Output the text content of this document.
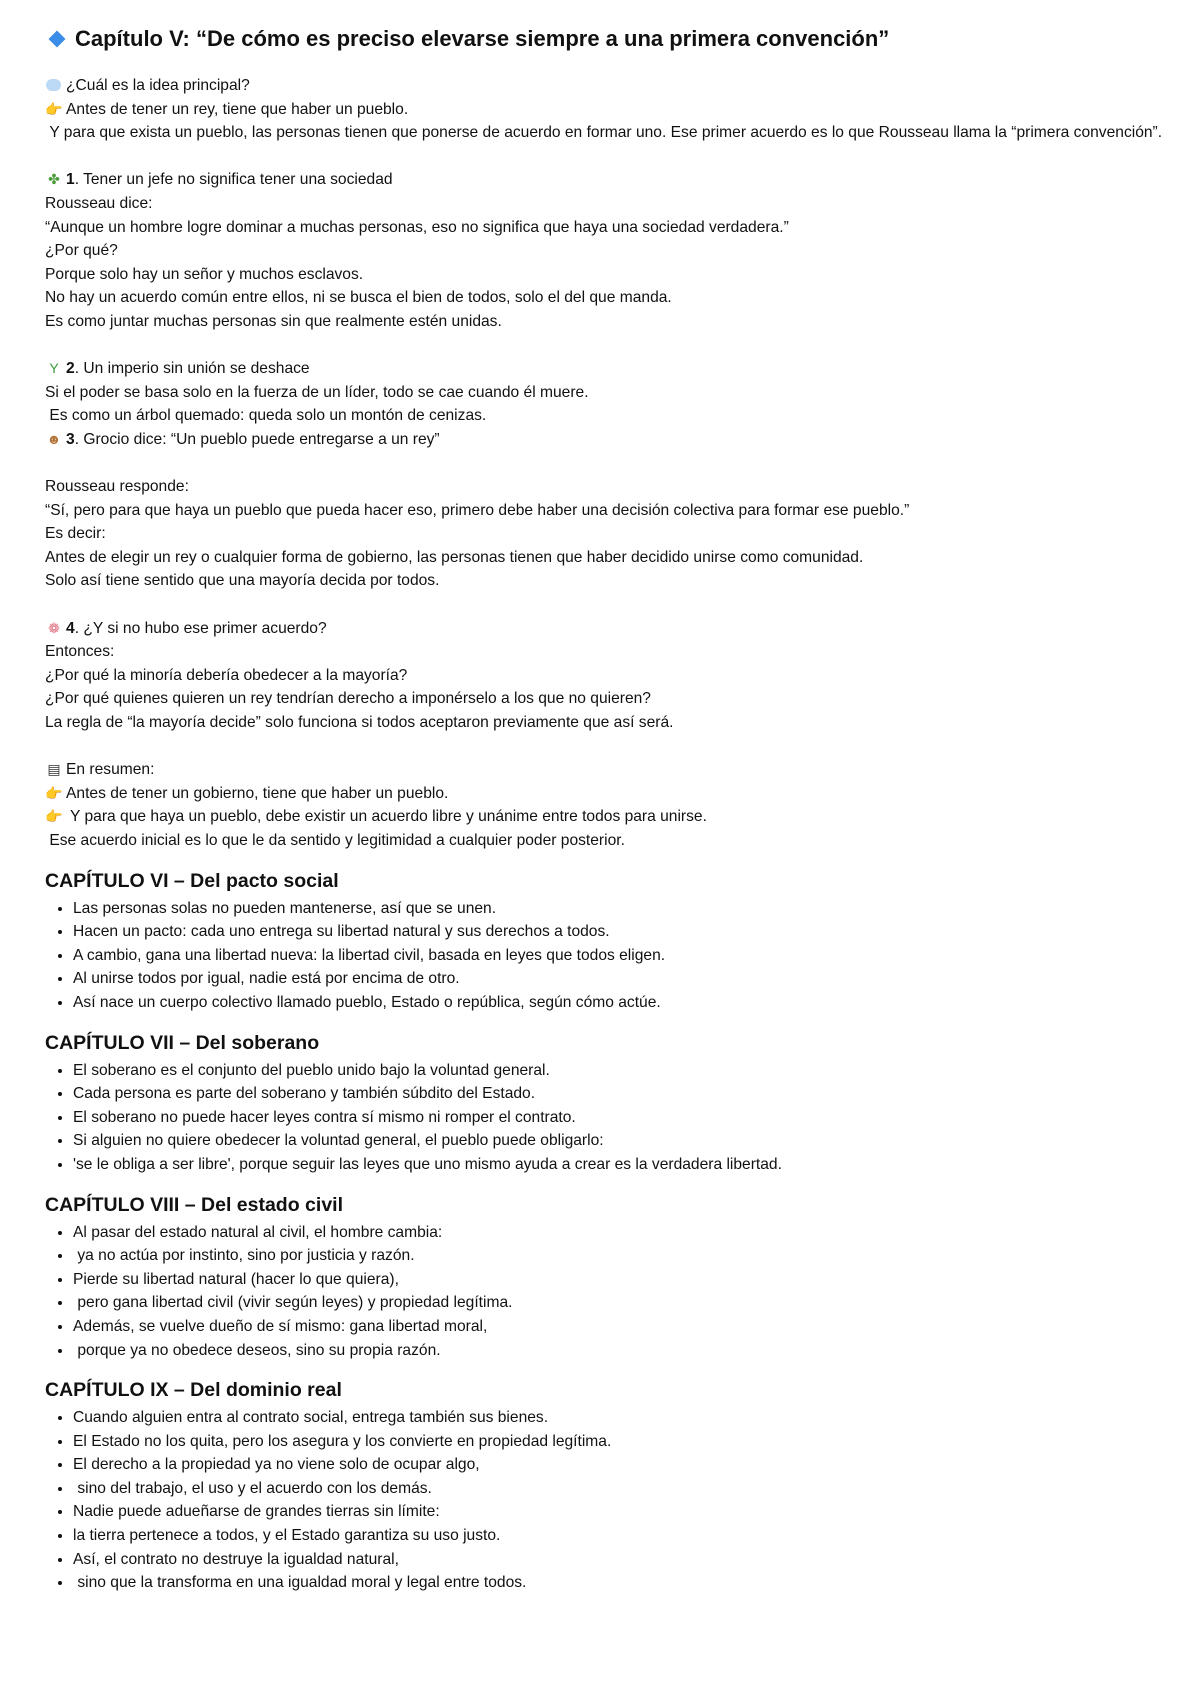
Capítulo V: “De cómo es preciso elevarse siempre a una primera convención”
¿Cuál es la idea principal?
👉 Antes de tener un rey, tiene que haber un pueblo.
Y para que exista un pueblo, las personas tienen que ponerse de acuerdo en formar uno. Ese primer acuerdo es lo que Rousseau llama la “primera convención”.
✤ 1. Tener un jefe no significa tener una sociedad
Rousseau dice:
“Aunque un hombre logre dominar a muchas personas, eso no significa que haya una sociedad verdadera.”
¿Por qué?
Porque solo hay un señor y muchos esclavos.
No hay un acuerdo común entre ellos, ni se busca el bien de todos, solo el del que manda.
Es como juntar muchas personas sin que realmente estén unidas.
Y 2. Un imperio sin unión se deshace
Si el poder se basa solo en la fuerza de un líder, todo se cae cuando él muere.
Es como un árbol quemado: queda solo un montón de cenizas.
☻ 3. Grocio dice: “Un pueblo puede entregarse a un rey”
Rousseau responde:
“Sí, pero para que haya un pueblo que pueda hacer eso, primero debe haber una decisión colectiva para formar ese pueblo.”
Es decir:
Antes de elegir un rey o cualquier forma de gobierno, las personas tienen que haber decidido unirse como comunidad.
Solo así tiene sentido que una mayoría decida por todos.
❁ 4. ¿Y si no hubo ese primer acuerdo?
Entonces:
¿Por qué la minoría debería obedecer a la mayoría?
¿Por qué quienes quieren un rey tendrían derecho a imponérselo a los que no quieren?
La regla de “la mayoría decide” solo funciona si todos aceptaron previamente que así será.
▤ En resumen:
👉 Antes de tener un gobierno, tiene que haber un pueblo.
👉 Y para que haya un pueblo, debe existir un acuerdo libre y unánime entre todos para unirse.
Ese acuerdo inicial es lo que le da sentido y legitimidad a cualquier poder posterior.
CAPÍTULO VI – Del pacto social
• Las personas solas no pueden mantenerse, así que se unen.
• Hacen un pacto: cada uno entrega su libertad natural y sus derechos a todos.
• A cambio, gana una libertad nueva: la libertad civil, basada en leyes que todos eligen.
• Al unirse todos por igual, nadie está por encima de otro.
• Así nace un cuerpo colectivo llamado pueblo, Estado o república, según cómo actúe.
CAPÍTULO VII – Del soberano
• El soberano es el conjunto del pueblo unido bajo la voluntad general.
• Cada persona es parte del soberano y también súbdito del Estado.
• El soberano no puede hacer leyes contra sí mismo ni romper el contrato.
• Si alguien no quiere obedecer la voluntad general, el pueblo puede obligarlo:
• 'se le obliga a ser libre', porque seguir las leyes que uno mismo ayuda a crear es la verdadera libertad.
CAPÍTULO VIII – Del estado civil
• Al pasar del estado natural al civil, el hombre cambia:
•  ya no actúa por instinto, sino por justicia y razón.
• Pierde su libertad natural (hacer lo que quiera),
•  pero gana libertad civil (vivir según leyes) y propiedad legítima.
• Además, se vuelve dueño de sí mismo: gana libertad moral,
•  porque ya no obedece deseos, sino su propia razón.
CAPÍTULO IX – Del dominio real
• Cuando alguien entra al contrato social, entrega también sus bienes.
• El Estado no los quita, pero los asegura y los convierte en propiedad legítima.
• El derecho a la propiedad ya no viene solo de ocupar algo,
•  sino del trabajo, el uso y el acuerdo con los demás.
• Nadie puede adueñarse de grandes tierras sin límite:
• la tierra pertenece a todos, y el Estado garantiza su uso justo.
• Así, el contrato no destruye la igualdad natural,
•  sino que la transforma en una igualdad moral y legal entre todos.
